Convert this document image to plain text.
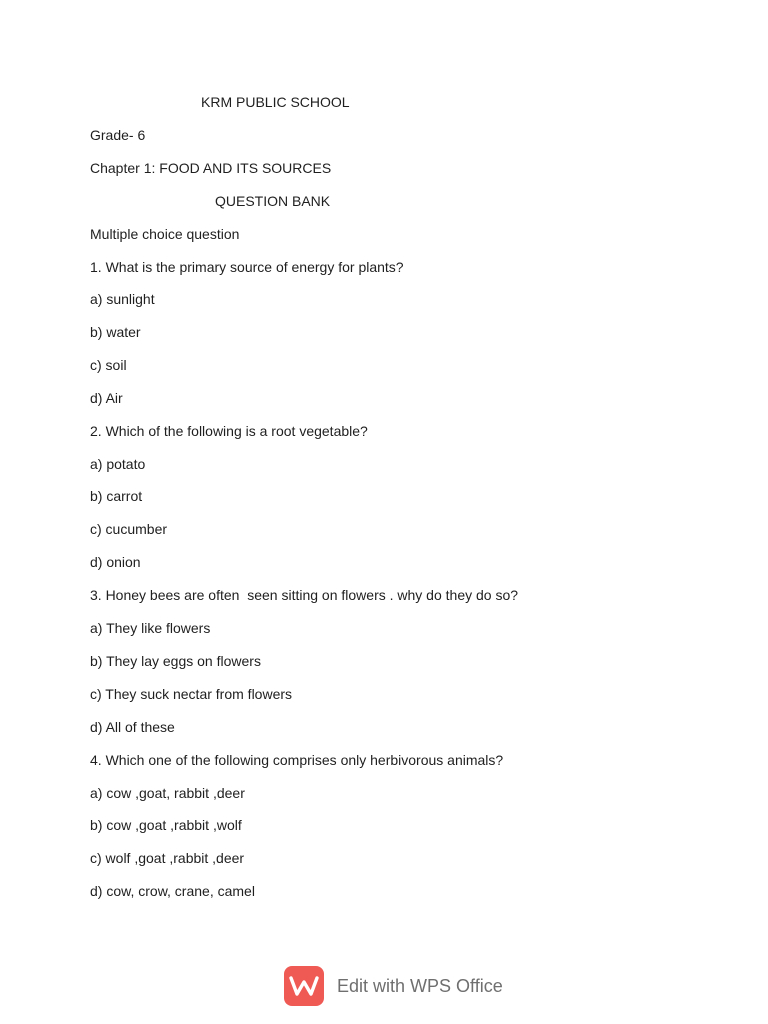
KRM PUBLIC SCHOOL
Grade- 6
Chapter 1: FOOD AND ITS SOURCES
QUESTION BANK
Multiple choice question
1. What is the primary source of energy for plants?
a) sunlight
b) water
c) soil
d) Air
2. Which of the following is a root vegetable?
a) potato
b) carrot
c) cucumber
d) onion
3. Honey bees are often  seen sitting on flowers . why do they do so?
a) They like flowers
b) They lay eggs on flowers
c) They suck nectar from flowers
d) All of these
4. Which one of the following comprises only herbivorous animals?
a) cow ,goat, rabbit ,deer
b) cow ,goat ,rabbit ,wolf
c) wolf ,goat ,rabbit ,deer
d) cow, crow, crane, camel
Edit with WPS Office
